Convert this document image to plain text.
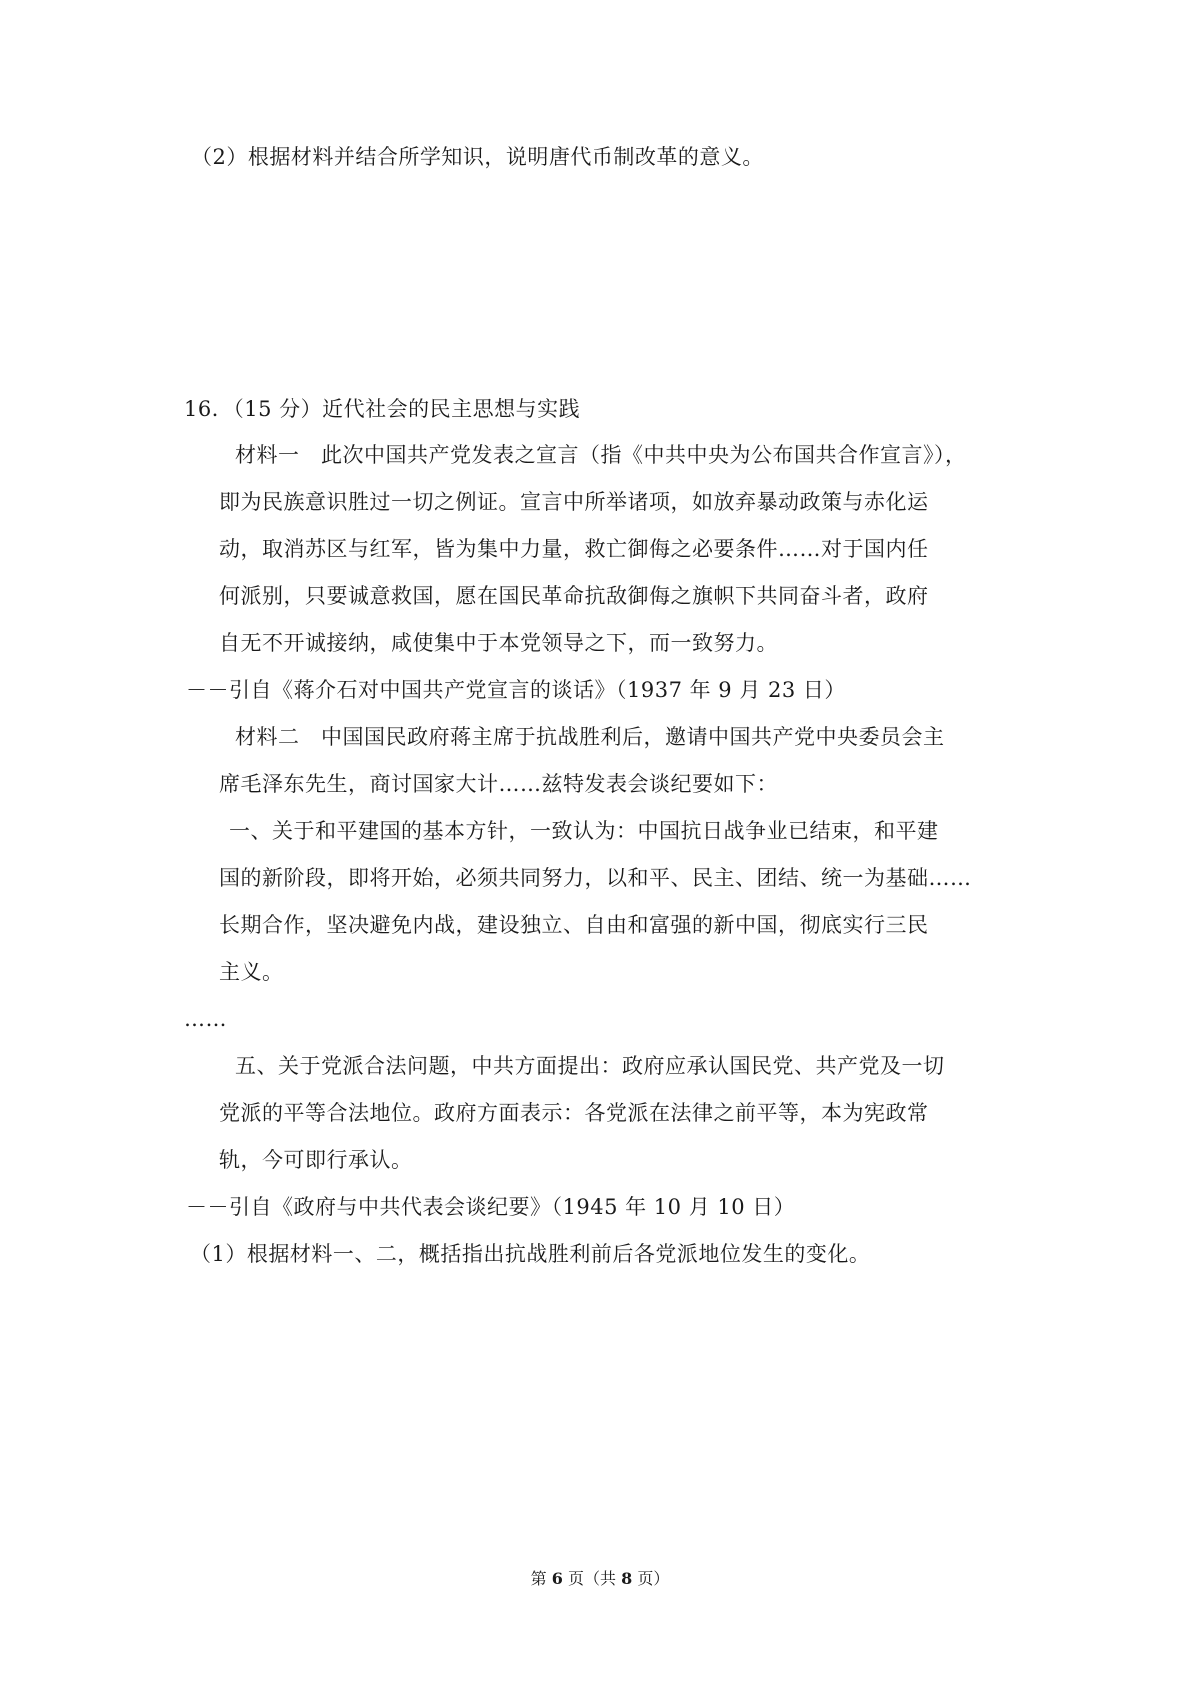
（2）根据材料并结合所学知识，说明唐代币制改革的意义。
16．（15 分）近代社会的民主思想与实践
材料一　此次中国共产党发表之宣言（指《中共中央为公布国共合作宣言》），
即为民族意识胜过一切之例证。宣言中所举诸项，如放弃暴动政策与赤化运
动，取消苏区与红军，皆为集中力量，救亡御侮之必要条件……对于国内任
何派别，只要诚意救国，愿在国民革命抗敌御侮之旗帜下共同奋斗者，政府
自无不开诚接纳，咸使集中于本党领导之下，而一致努力。
－－引自《蒋介石对中国共产党宣言的谈话》（1937 年 9 月 23 日）
材料二　中国国民政府蒋主席于抗战胜利后，邀请中国共产党中央委员会主
席毛泽东先生，商讨国家大计……兹特发表会谈纪要如下：
一、关于和平建国的基本方针，一致认为：中国抗日战争业已结束，和平建
国的新阶段，即将开始，必须共同努力，以和平、民主、团结、统一为基础……
长期合作，坚决避免内战，建设独立、自由和富强的新中国，彻底实行三民
主义。
……
五、关于党派合法问题，中共方面提出：政府应承认国民党、共产党及一切
党派的平等合法地位。政府方面表示：各党派在法律之前平等，本为宪政常
轨，今可即行承认。
－－引自《政府与中共代表会谈纪要》（1945 年 10 月 10 日）
（1）根据材料一、二，概括指出抗战胜利前后各党派地位发生的变化。
第 6 页（共 8 页）
